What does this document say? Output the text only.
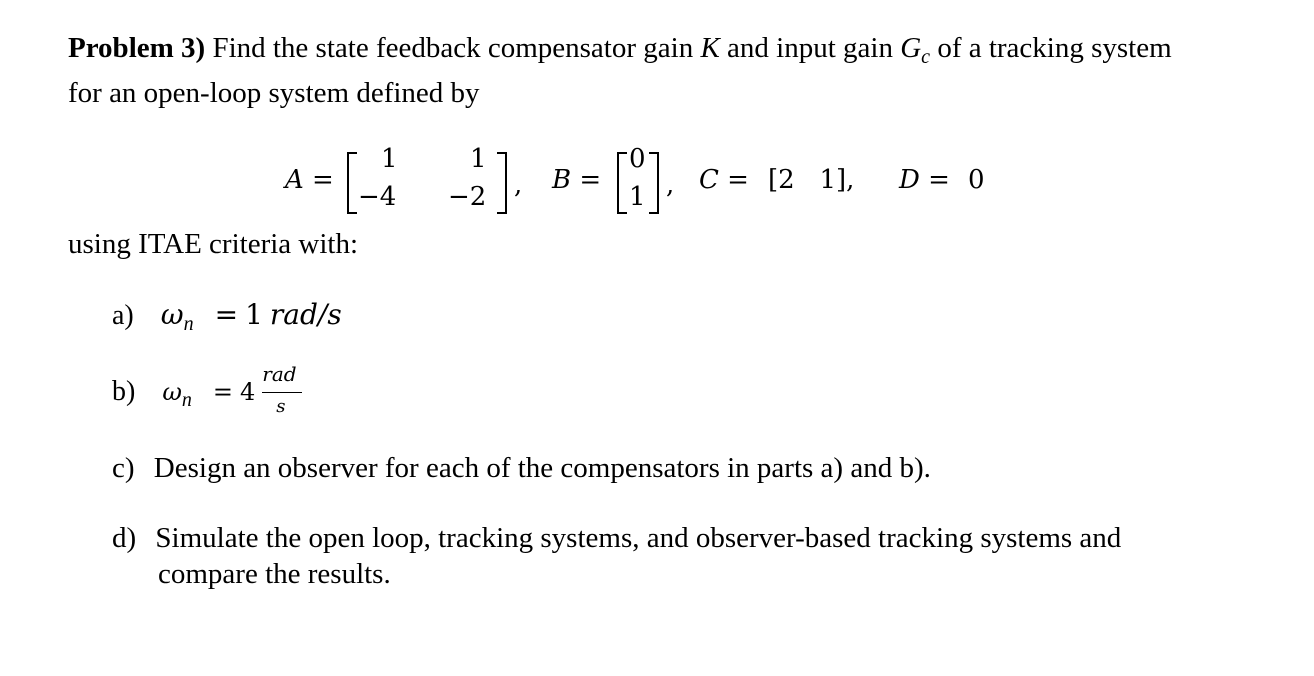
Problem 3) Find the state feedback compensator gain K and input gain $G_c$ of a tracking system
for an open-loop system defined by
A =
1	1
−4 −2 , B =
0
1 , C = [2   1], D = 0
using ITAE criteria with:
a) $\omega_n = 1$ rad/s
b) $\omega_n = 4$
rad
s
c) Design an observer for each of the compensators in parts a) and b).
d) Simulate the open loop, tracking systems, and observer-based tracking systems and
compare the results.
